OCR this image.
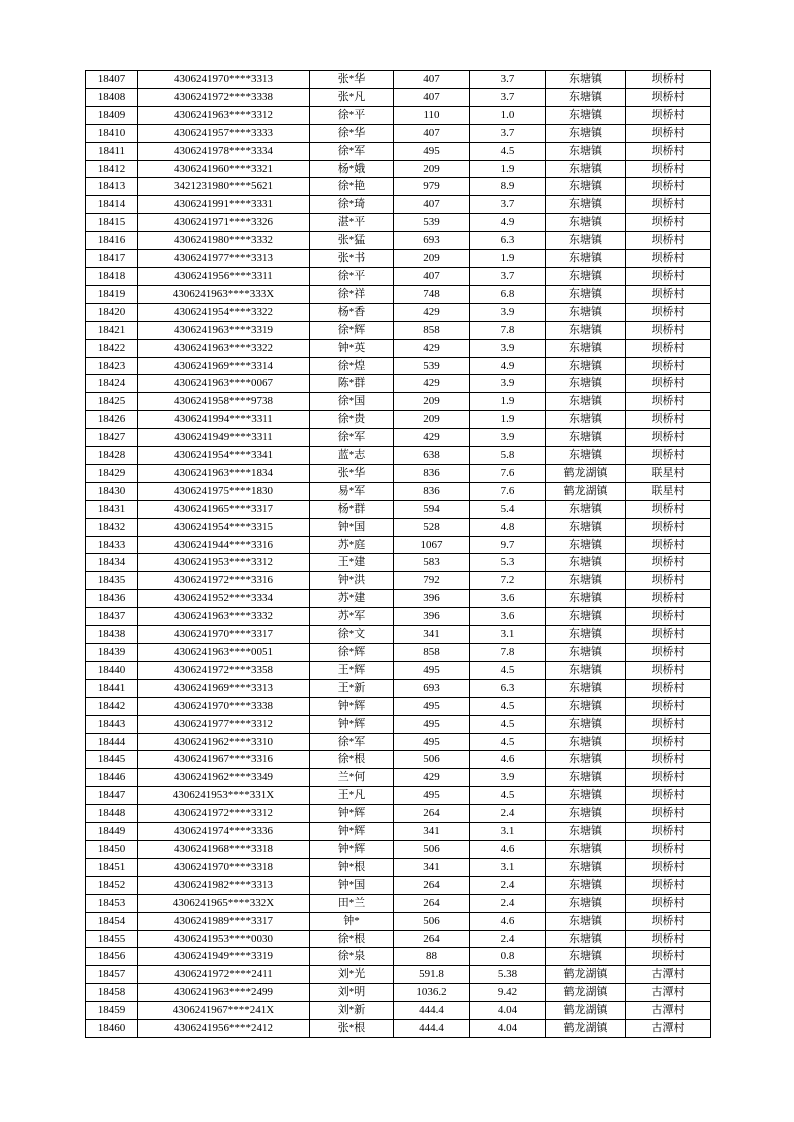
18407	4306241970****3313	张*华	407	3.7	东塘镇	坝桥村
18408	4306241972****3338	张*凡	407	3.7	东塘镇	坝桥村
18409	4306241963****3312	徐*平	110	1.0	东塘镇	坝桥村
18410	4306241957****3333	徐*华	407	3.7	东塘镇	坝桥村
18411	4306241978****3334	徐*军	495	4.5	东塘镇	坝桥村
18412	4306241960****3321	杨*娥	209	1.9	东塘镇	坝桥村
18413	3421231980****5621	徐*艳	979	8.9	东塘镇	坝桥村
18414	4306241991****3331	徐*琦	407	3.7	东塘镇	坝桥村
18415	4306241971****3326	湛*平	539	4.9	东塘镇	坝桥村
18416	4306241980****3332	张*猛	693	6.3	东塘镇	坝桥村
18417	4306241977****3313	张*书	209	1.9	东塘镇	坝桥村
18418	4306241956****3311	徐*平	407	3.7	东塘镇	坝桥村
18419	4306241963****333X	徐*祥	748	6.8	东塘镇	坝桥村
18420	4306241954****3322	杨*香	429	3.9	东塘镇	坝桥村
18421	4306241963****3319	徐*辉	858	7.8	东塘镇	坝桥村
18422	4306241963****3322	钟*英	429	3.9	东塘镇	坝桥村
18423	4306241969****3314	徐*煌	539	4.9	东塘镇	坝桥村
18424	4306241963****0067	陈*群	429	3.9	东塘镇	坝桥村
18425	4306241958****9738	徐*国	209	1.9	东塘镇	坝桥村
18426	4306241994****3311	徐*贵	209	1.9	东塘镇	坝桥村
18427	4306241949****3311	徐*军	429	3.9	东塘镇	坝桥村
18428	4306241954****3341	蓝*志	638	5.8	东塘镇	坝桥村
18429	4306241963****1834	张*华	836	7.6	鹤龙湖镇	联星村
18430	4306241975****1830	易*军	836	7.6	鹤龙湖镇	联星村
18431	4306241965****3317	杨*群	594	5.4	东塘镇	坝桥村
18432	4306241954****3315	钟*国	528	4.8	东塘镇	坝桥村
18433	4306241944****3316	苏*庭	1067	9.7	东塘镇	坝桥村
18434	4306241953****3312	王*建	583	5.3	东塘镇	坝桥村
18435	4306241972****3316	钟*洪	792	7.2	东塘镇	坝桥村
18436	4306241952****3334	苏*建	396	3.6	东塘镇	坝桥村
18437	4306241963****3332	苏*军	396	3.6	东塘镇	坝桥村
18438	4306241970****3317	徐*文	341	3.1	东塘镇	坝桥村
18439	4306241963****0051	徐*辉	858	7.8	东塘镇	坝桥村
18440	4306241972****3358	王*辉	495	4.5	东塘镇	坝桥村
18441	4306241969****3313	王*新	693	6.3	东塘镇	坝桥村
18442	4306241970****3338	钟*辉	495	4.5	东塘镇	坝桥村
18443	4306241977****3312	钟*辉	495	4.5	东塘镇	坝桥村
18444	4306241962****3310	徐*军	495	4.5	东塘镇	坝桥村
18445	4306241967****3316	徐*根	506	4.6	东塘镇	坝桥村
18446	4306241962****3349	兰*何	429	3.9	东塘镇	坝桥村
18447	4306241953****331X	王*凡	495	4.5	东塘镇	坝桥村
18448	4306241972****3312	钟*辉	264	2.4	东塘镇	坝桥村
18449	4306241974****3336	钟*辉	341	3.1	东塘镇	坝桥村
18450	4306241968****3318	钟*辉	506	4.6	东塘镇	坝桥村
18451	4306241970****3318	钟*根	341	3.1	东塘镇	坝桥村
18452	4306241982****3313	钟*国	264	2.4	东塘镇	坝桥村
18453	4306241965****332X	田*兰	264	2.4	东塘镇	坝桥村
18454	4306241989****3317	钟*	506	4.6	东塘镇	坝桥村
18455	4306241953****0030	徐*根	264	2.4	东塘镇	坝桥村
18456	4306241949****3319	徐*泉	88	0.8	东塘镇	坝桥村
18457	4306241972****2411	刘*光	591.8	5.38	鹤龙湖镇	古潭村
18458	4306241963****2499	刘*明	1036.2	9.42	鹤龙湖镇	古潭村
18459	4306241967****241X	刘*新	444.4	4.04	鹤龙湖镇	古潭村
18460	4306241956****2412	张*根	444.4	4.04	鹤龙湖镇	古潭村
